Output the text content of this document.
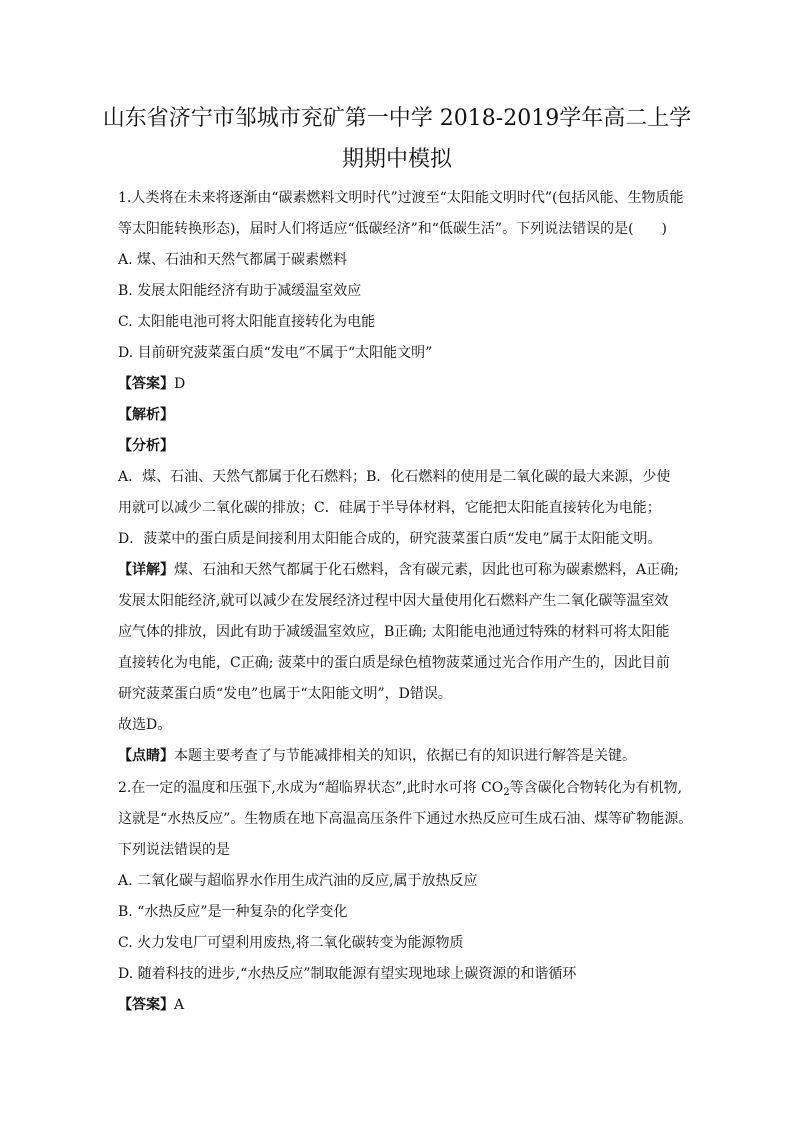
山东省济宁市邹城市兖矿第一中学 2018-2019学年高二上学
期期中模拟
1.人类将在未来将逐渐由“碳素燃料文明时代”过渡至“太阳能文明时代”(包括风能、生物质能
等太阳能转换形态)，届时人们将适应“低碳经济”和“低碳生活”。下列说法错误的是(　　)
A. 煤、石油和天然气都属于碳素燃料
B. 发展太阳能经济有助于减缓温室效应
C. 太阳能电池可将太阳能直接转化为电能
D. 目前研究菠菜蛋白质“发电”不属于“太阳能文明”
【答案】D
【解析】
【分析】
A．煤、石油、天然气都属于化石燃料；B．化石燃料的使用是二氧化碳的最大来源，少使
用就可以减少二氧化碳的排放；C．硅属于半导体材料，它能把太阳能直接转化为电能；
D．菠菜中的蛋白质是间接利用太阳能合成的，研究菠菜蛋白质“发电”属于太阳能文明。
【详解】煤、石油和天然气都属于化石燃料，含有碳元素，因此也可称为碳素燃料，A正确;
发展太阳能经济,就可以减少在发展经济过程中因大量使用化石燃料产生二氧化碳等温室效
应气体的排放，因此有助于减缓温室效应，B正确; 太阳能电池通过特殊的材料可将太阳能
直接转化为电能，C正确; 菠菜中的蛋白质是绿色植物菠菜通过光合作用产生的，因此目前
研究菠菜蛋白质“发电”也属于“太阳能文明”，D错误。
故选D。
【点睛】本题主要考查了与节能减排相关的知识，依据已有的知识进行解答是关键。
2.在一定的温度和压强下,水成为“超临界状态”,此时水可将 $CO_2$等含碳化合物转化为有机物,
这就是“水热反应”。生物质在地下高温高压条件下通过水热反应可生成石油、煤等矿物能源。
下列说法错误的是
A. 二氧化碳与超临界水作用生成汽油的反应,属于放热反应
B. “水热反应”是一种复杂的化学变化
C. 火力发电厂可望利用废热,将二氧化碳转变为能源物质
D. 随着科技的进步,“水热反应”制取能源有望实现地球上碳资源的和谐循环
【答案】A
